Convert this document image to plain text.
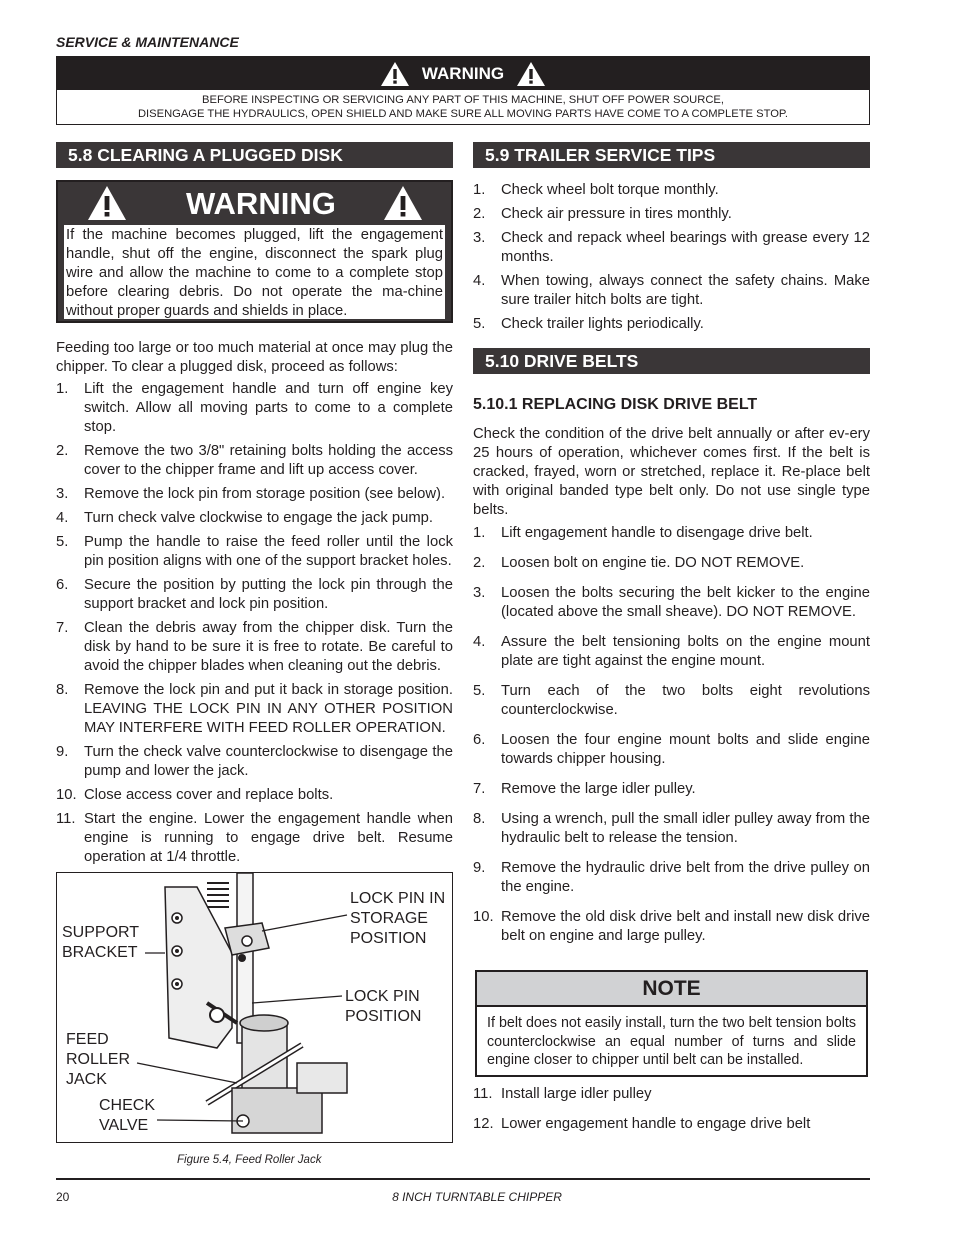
SERVICE & MAINTENANCE
WARNING
BEFORE INSPECTING OR SERVICING ANY PART OF THIS MACHINE, SHUT OFF POWER SOURCE,
DISENGAGE THE HYDRAULICS, OPEN SHIELD AND MAKE SURE ALL MOVING PARTS HAVE COME TO A COMPLETE STOP.
5.8 CLEARING A PLUGGED DISK
WARNING
If the machine becomes plugged, lift the engagement handle, shut off the engine, disconnect the spark plug wire and allow the machine to come to a complete stop before clearing debris. Do not operate the ma-chine without proper guards and shields in place.
Feeding too large or too much material at once may plug the chipper. To clear a plugged disk, proceed as follows:
1. Lift the engagement handle and turn off engine key switch. Allow all moving parts to come to a complete stop.
2. Remove the two 3/8" retaining bolts holding the access cover to the chipper frame and lift up access cover.
3. Remove the lock pin from storage position (see below).
4. Turn check valve clockwise to engage the jack pump.
5. Pump the handle to raise the feed roller until the lock pin position aligns with one of the support bracket holes.
6. Secure the position by putting the lock pin through the support bracket and lock pin position.
7. Clean the debris away from the chipper disk. Turn the disk by hand to be sure it is free to rotate. Be careful to avoid the chipper blades when cleaning out the debris.
8. Remove the lock pin and put it back in storage position. LEAVING THE LOCK PIN IN ANY OTHER POSITION MAY INTERFERE WITH FEED ROLLER OPERATION.
9. Turn the check valve counterclockwise to disengage the pump and lower the jack.
10. Close access cover and replace bolts.
11. Start the engine. Lower the engagement handle when engine is running to engage drive belt. Resume operation at 1/4 throttle.
SUPPORT
BRACKET
LOCK PIN IN
STORAGE
POSITION
LOCK PIN
POSITION
FEED
ROLLER
JACK
CHECK
VALVE
Figure 5.4, Feed Roller Jack
5.9 TRAILER SERVICE TIPS
1. Check wheel bolt torque monthly.
2. Check air pressure in tires monthly.
3. Check and repack wheel bearings with grease every 12 months.
4. When towing, always connect the safety chains. Make sure trailer hitch bolts are tight.
5. Check trailer lights periodically.
5.10 DRIVE BELTS
5.10.1 REPLACING DISK DRIVE BELT
Check the condition of the drive belt annually or after ev-ery 25 hours of operation, whichever comes first. If the belt is cracked, frayed, worn or stretched, replace it. Re-place belt with original banded type belt only. Do not use single type belts.
1. Lift engagement handle to disengage drive belt.
2. Loosen bolt on engine tie. DO NOT REMOVE.
3. Loosen the bolts securing the belt kicker to the engine (located above the small sheave). DO NOT REMOVE.
4. Assure the belt tensioning bolts on the engine mount plate are tight against the engine mount.
5. Turn each of the two bolts eight revolutions counterclockwise.
6. Loosen the four engine mount bolts and slide engine towards chipper housing.
7. Remove the large idler pulley.
8. Using a wrench, pull the small idler pulley away from the hydraulic belt to release the tension.
9. Remove the hydraulic drive belt from the drive pulley on the engine.
10. Remove the old disk drive belt and install new disk drive belt on engine and large pulley.
NOTE
If belt does not easily install, turn the two belt tension bolts counterclockwise an equal number of turns and slide engine closer to chipper until belt can be installed.
11. Install large idler pulley
12. Lower engagement handle to engage drive belt
20	8 INCH TURNTABLE CHIPPER
